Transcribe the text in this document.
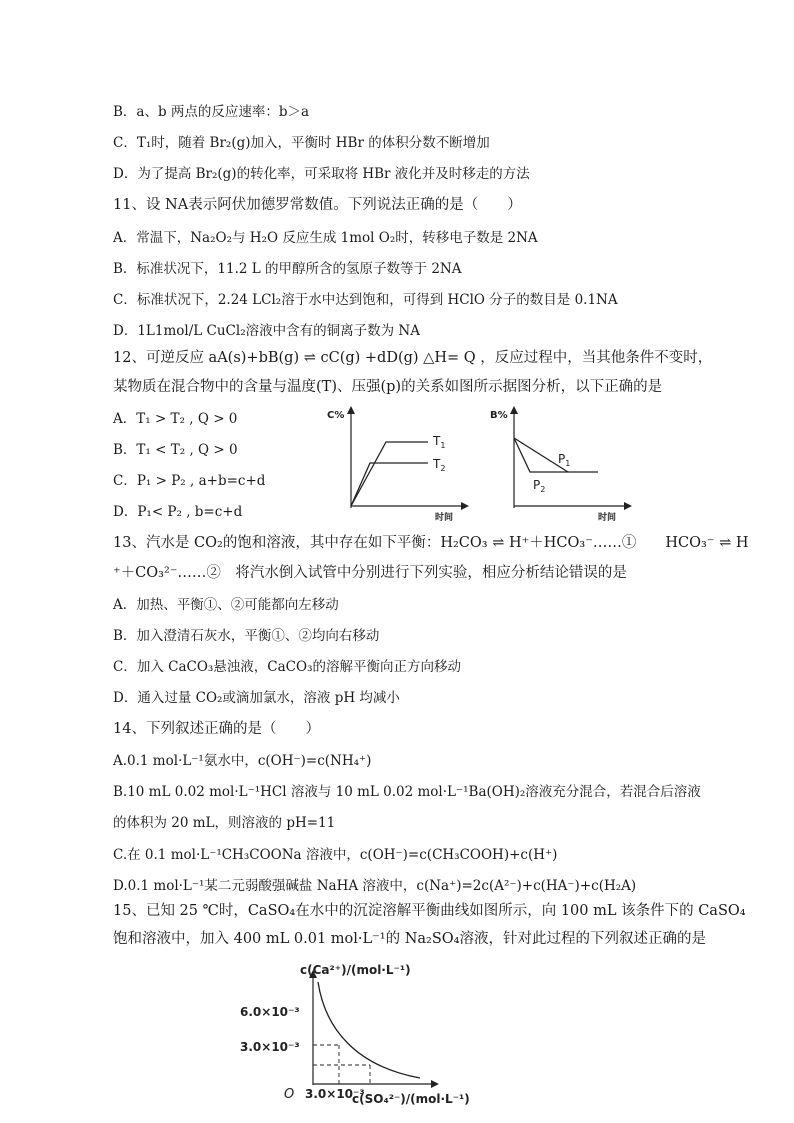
B．a、b 两点的反应速率：b＞a
C．T₁时，随着 Br₂(g)加入，平衡时 HBr 的体积分数不断增加
D．为了提高 Br₂(g)的转化率，可采取将 HBr 液化并及时移走的方法
11、设 NA表示阿伏加德罗常数值。下列说法正确的是（　　）
A．常温下，Na₂O₂与 H₂O 反应生成 1mol O₂时，转移电子数是 2NA
B．标准状况下，11.2 L 的甲醇所含的氢原子数等于 2NA
C．标准状况下，2.24 LCl₂溶于水中达到饱和，可得到 HClO 分子的数目是 0.1NA
D．1L1mol/L CuCl₂溶液中含有的铜离子数为 NA
12、可逆反应 aA(s)+bB(g) ⇌ cC(g) +dD(g) △H= Q ，反应过程中，当其他条件不变时，
某物质在混合物中的含量与温度(T)、压强(p)的关系如图所示据图分析，以下正确的是
A．T₁ > T₂ , Q > 0
B．T₁ < T₂ , Q > 0
C．P₁ > P₂ , a+b=c+d
D．P₁< P₂ , b=c+d
C%
时间
$T_1$
$T_2$
B%
时间
$P_1$
$P_2$
13、汽水是 CO₂的饱和溶液，其中存在如下平衡：H₂CO₃ ⇌ H⁺＋HCO₃⁻……①　　HCO₃⁻ ⇌ H
⁺＋CO₃²⁻……②　将汽水倒入试管中分别进行下列实验，相应分析结论错误的是
A．加热、平衡①、②可能都向左移动
B．加入澄清石灰水，平衡①、②均向右移动
C．加入 CaCO₃悬浊液，CaCO₃的溶解平衡向正方向移动
D．通入过量 CO₂或滴加氯水，溶液 pH 均减小
14、下列叙述正确的是（　　）
A.0.1 mol·L⁻¹氨水中，c(OH⁻)=c(NH₄⁺)
B.10 mL 0.02 mol·L⁻¹HCl 溶液与 10 mL 0.02 mol·L⁻¹Ba(OH)₂溶液充分混合，若混合后溶液
的体积为 20 mL，则溶液的 pH=11
C.在 0.1 mol·L⁻¹CH₃COONa 溶液中，c(OH⁻)=c(CH₃COOH)+c(H⁺)
D.0.1 mol·L⁻¹某二元弱酸强碱盐 NaHA 溶液中，c(Na⁺)=2c(A²⁻)+c(HA⁻)+c(H₂A)
15、已知 25 ℃时，CaSO₄在水中的沉淀溶解平衡曲线如图所示，向 100 mL 该条件下的 CaSO₄
饱和溶液中，加入 400 mL 0.01 mol·L⁻¹的 Na₂SO₄溶液，针对此过程的下列叙述正确的是
c(Ca²⁺)/(mol·L⁻¹)
c(SO₄²⁻)/(mol·L⁻¹)
O
6.0×10⁻³
3.0×10⁻³
3.0×10⁻³
